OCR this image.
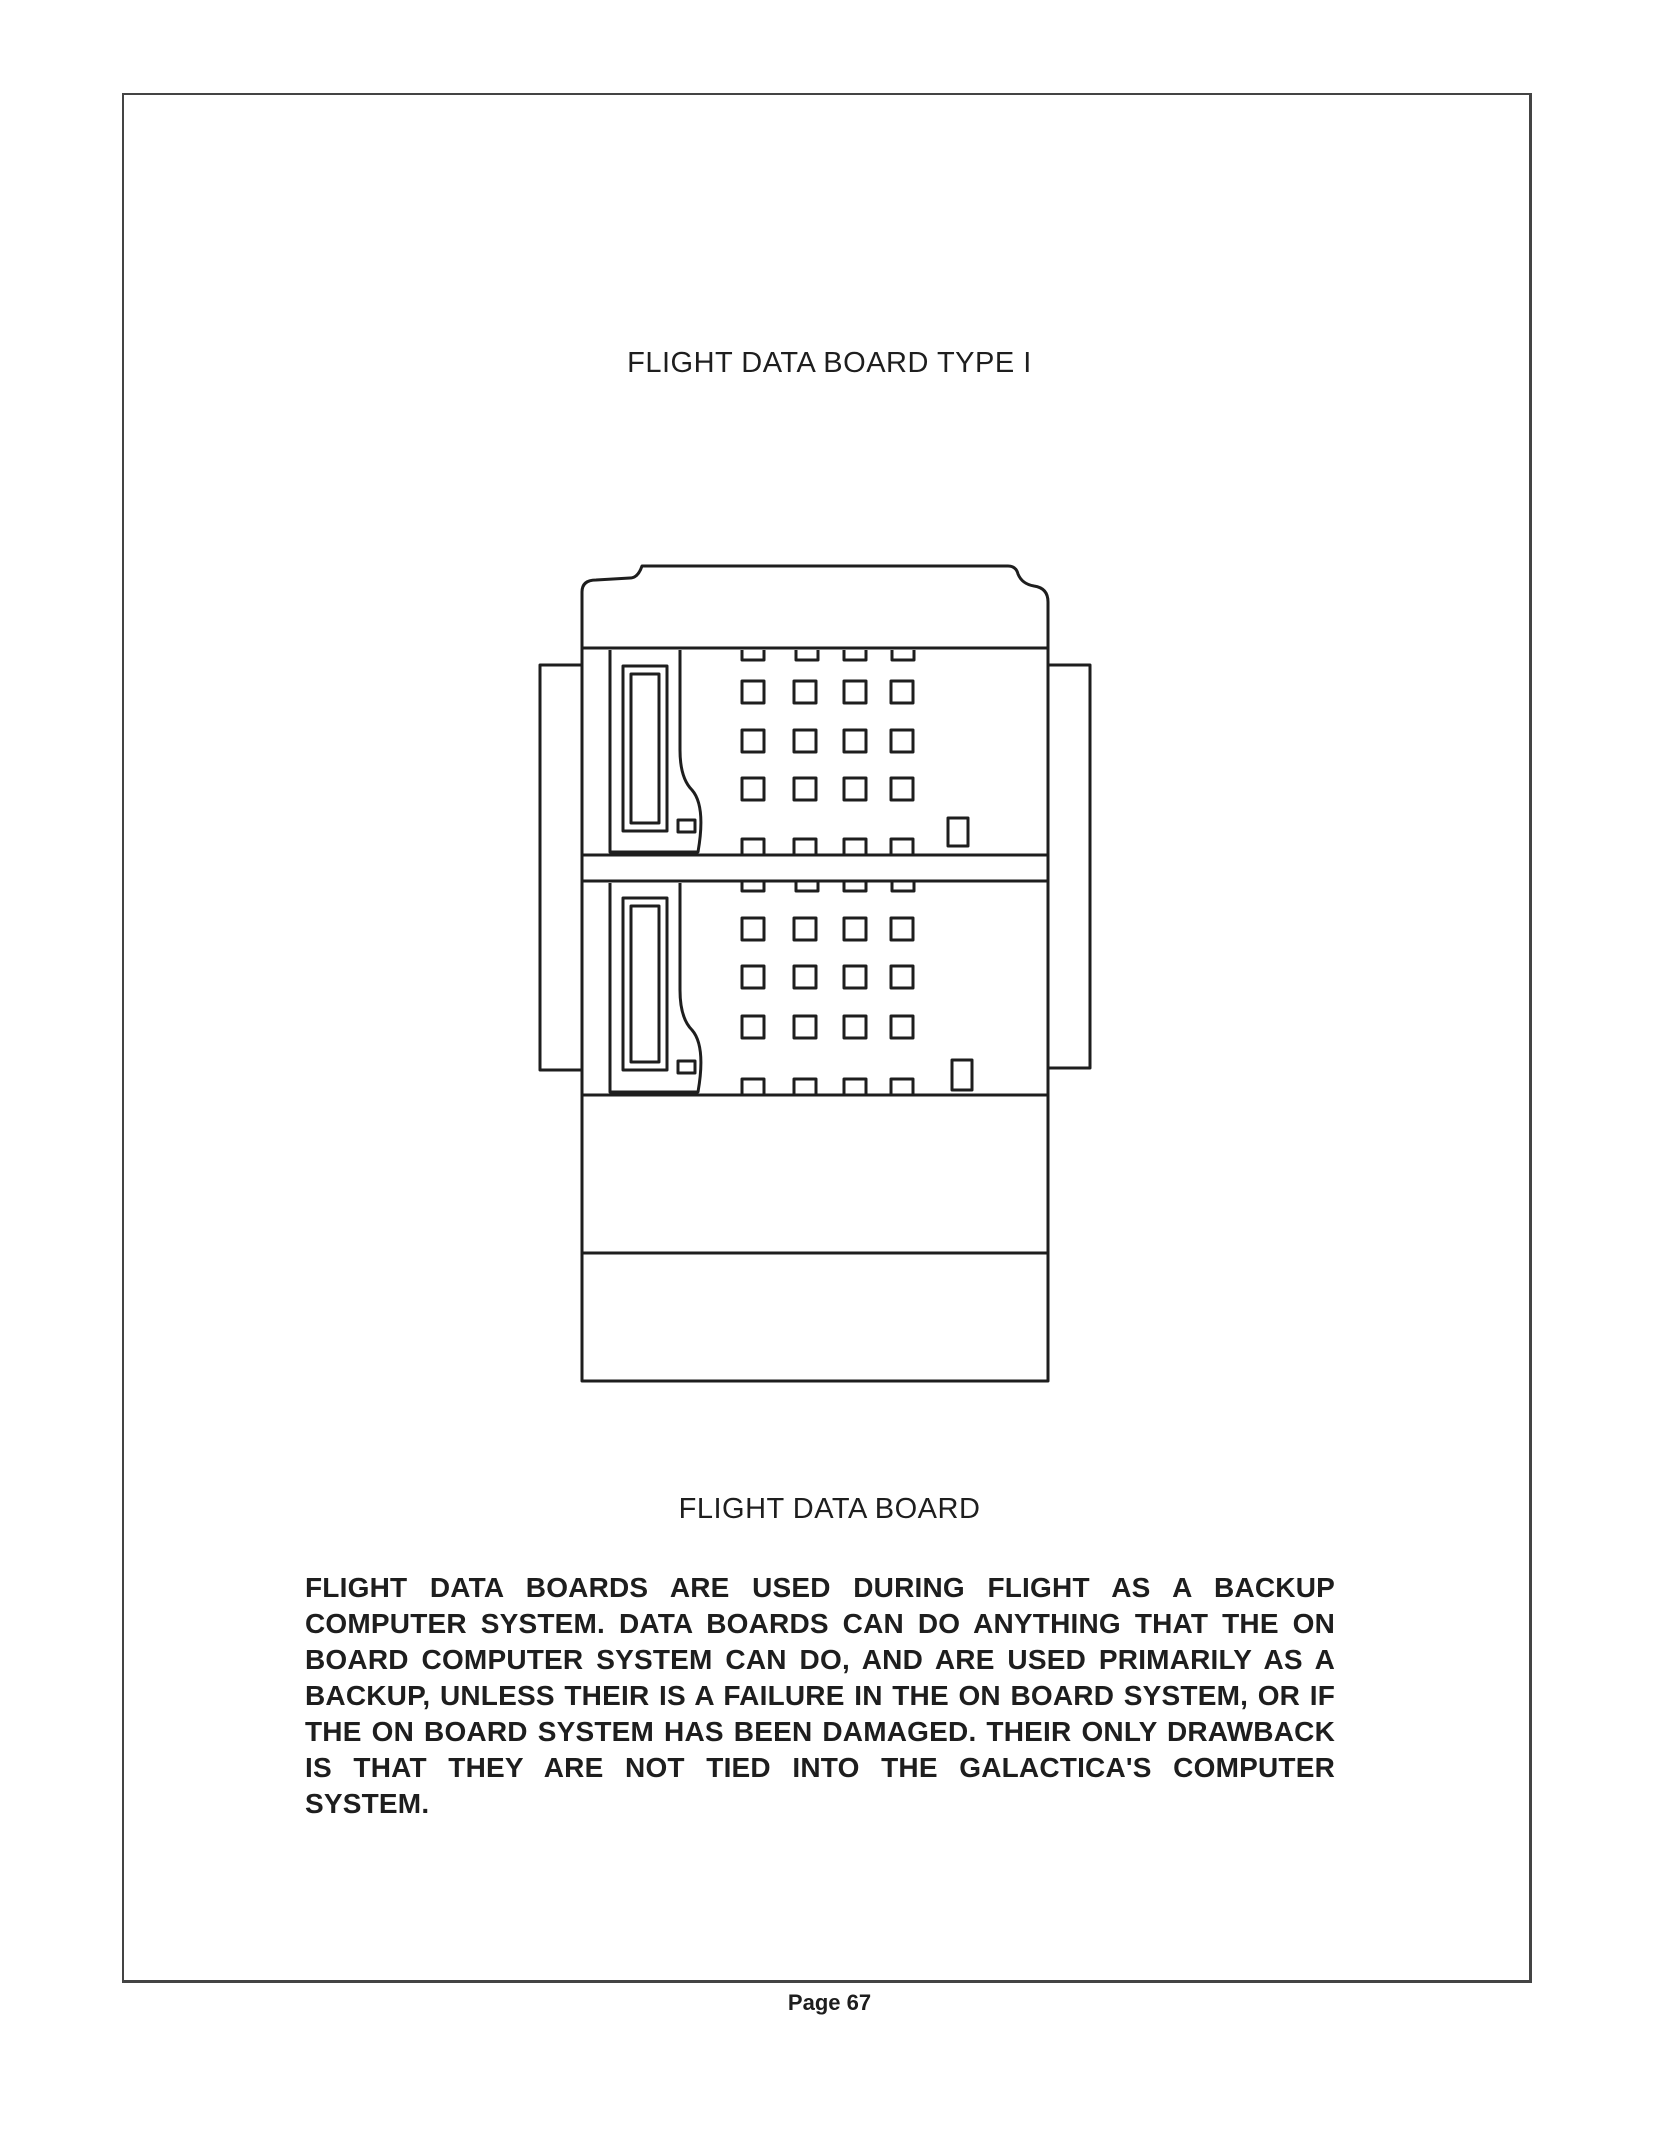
FLIGHT DATA BOARD TYPE I
FLIGHT DATA BOARD
FLIGHT DATA BOARDS ARE USED DURING FLIGHT AS A BACKUP COMPUTER SYSTEM. DATA BOARDS CAN DO ANYTHING THAT THE ON BOARD COMPUTER SYSTEM CAN DO, AND ARE USED PRIMARILY AS A BACKUP, UNLESS THEIR IS A FAILURE IN THE ON BOARD SYSTEM, OR IF THE ON BOARD SYSTEM HAS BEEN DAMAGED. THEIR ONLY DRAWBACK IS THAT THEY ARE NOT TIED INTO THE GALACTICA'S COMPUTER SYSTEM.
Page 67
